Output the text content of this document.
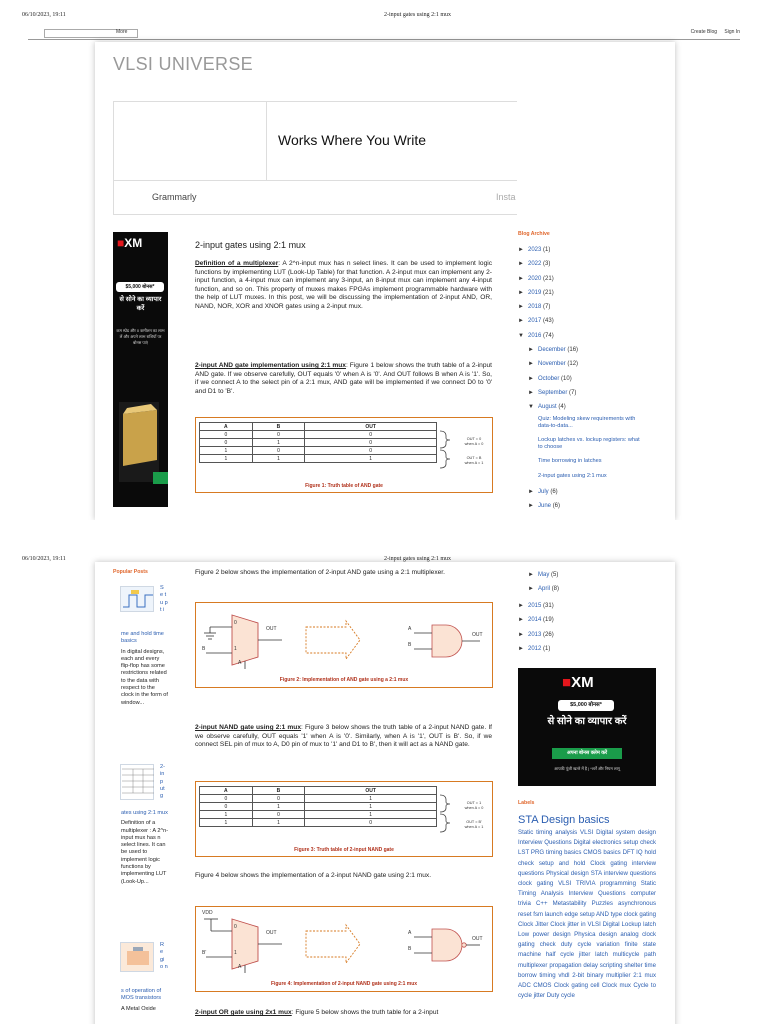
06/10/2023, 19:11	2-input gates using 2:1 mux
More	Create Blog Sign In
VLSI UNIVERSE
Works Where You Write
Grammarly	Insta
■XM
$5,000 बोनस*
से सोने का व्यापार करें
कम स्प्रेड और 0 कमीशन का लाभ लें और अपने लाभ राशियों पर बोनस पाएं
2-input gates using 2:1 mux
Definition of a multiplexer: A 2^n-input mux has n select lines. It can be used to implement logic functions by implementing LUT (Look-Up Table) for that function. A 2-input mux can implement any 2-input function, a 4-input mux can implement any 3-input, an 8-input mux can implement any 4-input function, and so on. This property of muxes makes FPGAs implement programmable hardware with the help of LUT muxes. In this post, we will be discussing the implementation of 2-input AND, OR, NAND, NOR, XOR and XNOR gates using a 2-input mux.
2-input AND gate implementation using 2:1 mux: Figure 1 below shows the truth table of a 2-input AND gate. If we observe carefully, OUT equals '0' when A is '0'. And OUT follows B when A is '1'. So, if we connect A to the select pin of a 2:1 mux, AND gate will be implemented if we connect D0 to '0' and D1 to 'B'.
A	B	OUT
0	0	0
0	1	0
1	0	0
1	1	1
OUT = 0
when A = 0
OUT = B
when A = 1
Figure 1: Truth table of AND gate
Blog Archive
► 2023 (1)
► 2022 (3)
► 2020 (21)
► 2019 (21)
► 2018 (7)
► 2017 (43)
▼ 2016 (74)
► December (16)
► November (12)
► October (10)
► September (7)
▼ August (4)
Quiz: Modeling skew requirements with data-to-data...
Lockup latches vs. lockup registers: what to choose
Time borrowing in latches
2-input gates using 2:1 mux
► July (6)
► June (6)
06/10/2023, 19:11	2-input gates using 2:1 mux
Popular Posts
S e t u p t i
me and hold time basics
In digital designs, each and every flip-flop has some restrictions related to the data with respect to the clock in the form of window...
2- in p ut g
ates using 2:1 mux
Definition of a multiplexer : A 2^n-input mux has n select lines. It can be used to implement logic functions by implementing LUT (Look-Up...
R e gi o n
s of operation of MOS transistors
A Metal Oxide
Figure 2 below shows the implementation of 2-input AND gate using a 2:1 multiplexer.
0
1
OUT
B
A
A
B
OUT
Figure 2: Implementation of AND gate using a 2:1 mux
2-input NAND gate using 2:1 mux: Figure 3 below shows the truth table of a 2-input NAND gate. If we observe carefully, OUT equals '1' when A is '0'. Similarly, when A is '1', OUT is B'. So, if we connect SEL pin of mux to A, D0 pin of mux to '1' and D1 to B', then it will act as a NAND gate.
A	B	OUT
0	0	1
0	1	1
1	0	1
1	1	0
OUT = 1
when A = 0
OUT = B'
when A = 1
Figure 3: Truth table of 2-input NAND gate
Figure 4 below shows the implementation of a 2-input NAND gate using 2:1 mux.
VDD
0
1
OUT
B'
A
A
B
OUT
Figure 4: Implementation of 2-input NAND gate using 2:1 mux
2-input OR gate using 2x1 mux: Figure 5 below shows the truth table for a 2-input
► May (5)
► April (8)
► 2015 (31)
► 2014 (19)
► 2013 (26)
► 2012 (1)
■XM
$5,000 बोनस*
से सोने का व्यापार करें
अपना बोनस क्लेम करें
आपकी पूंजी खतरे में है | *शर्तें और नियम लागू
Labels
STA Design basics
Static timing analysis VLSI Digital system design Interview Questions Digital electronics setup check LST PRG timing basics CMOS basics DFT IQ hold check setup and hold Clock gating interview questions Physical design STA interview questions clock gating VLSI TRIVIA programming Static Timing Analysis Interview Questions computer trivia C++ Metastability Puzzles asynchronous reset fsm launch edge setup AND type clock gating Clock Jitter Clock jitter in VLSI Digital Lockup latch Low power design Physica design analog clock gating check duty cycle variation finite state machine half cycle jitter latch multicycle path multiplexer propagation delay scripting shelter time borrow timing vhdl 2-bit binary multiplier 2:1 mux ADC CMOS Clock gating cell Clock mux Cycle to cycle jitter Duty cycle
